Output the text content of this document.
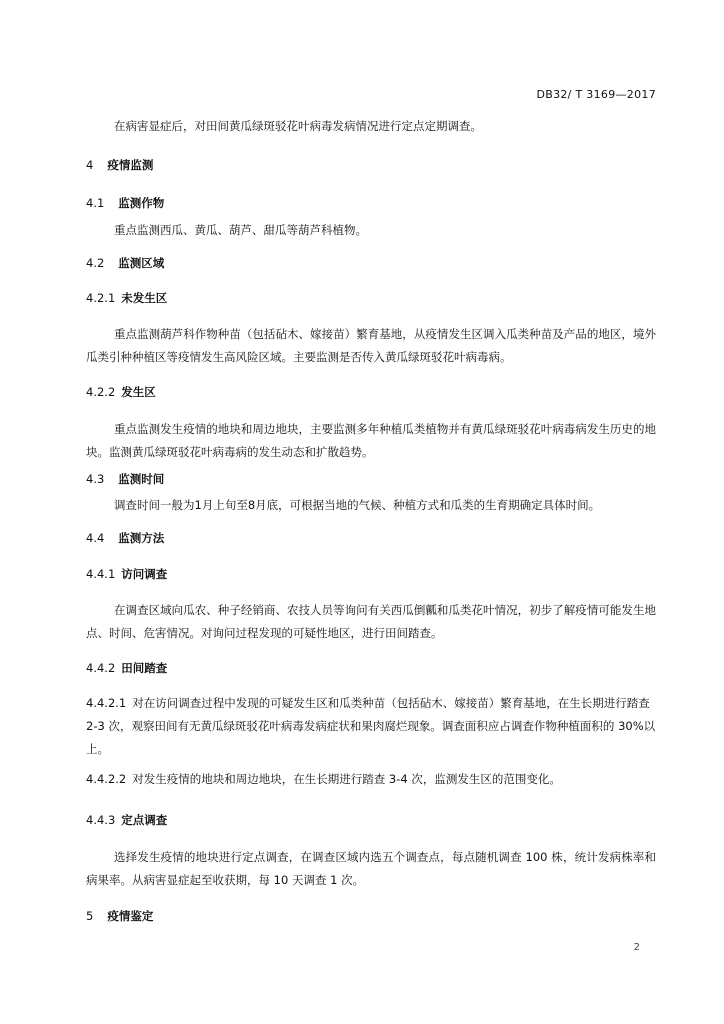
DB32/ T 3169—2017
在病害显症后，对田间黄瓜绿斑驳花叶病毒发病情况进行定点定期调查。
4 疫情监测
4.1 监测作物
重点监测西瓜、黄瓜、葫芦、甜瓜等葫芦科植物。
4.2 监测区域
4.2.1 未发生区
重点监测葫芦科作物种苗（包括砧木、嫁接苗）繁育基地，从疫情发生区调入瓜类种苗及产品的地区，境外瓜类引种种植区等疫情发生高风险区域。主要监测是否传入黄瓜绿斑驳花叶病毒病。
4.2.2 发生区
重点监测发生疫情的地块和周边地块，主要监测多年种植瓜类植物并有黄瓜绿斑驳花叶病毒病发生历史的地块。监测黄瓜绿斑驳花叶病毒病的发生动态和扩散趋势。
4.3 监测时间
调查时间一般为1月上旬至8月底，可根据当地的气候、种植方式和瓜类的生育期确定具体时间。
4.4 监测方法
4.4.1 访问调查
在调查区域向瓜农、种子经销商、农技人员等询问有关西瓜倒瓤和瓜类花叶情况，初步了解疫情可能发生地点、时间、危害情况。对询问过程发现的可疑性地区，进行田间踏查。
4.4.2 田间踏查
4.4.2.1 对在访问调查过程中发现的可疑发生区和瓜类种苗（包括砧木、嫁接苗）繁育基地，在生长期进行踏查 2-3 次，观察田间有无黄瓜绿斑驳花叶病毒发病症状和果肉腐烂现象。调查面积应占调查作物种植面积的 30%以上。
4.4.2.2 对发生疫情的地块和周边地块，在生长期进行踏查 3-4 次，监测发生区的范围变化。
4.4.3 定点调查
选择发生疫情的地块进行定点调查，在调查区域内选五个调查点，每点随机调查 100 株，统计发病株率和病果率。从病害显症起至收获期，每 10 天调查 1 次。
5 疫情鉴定
2
